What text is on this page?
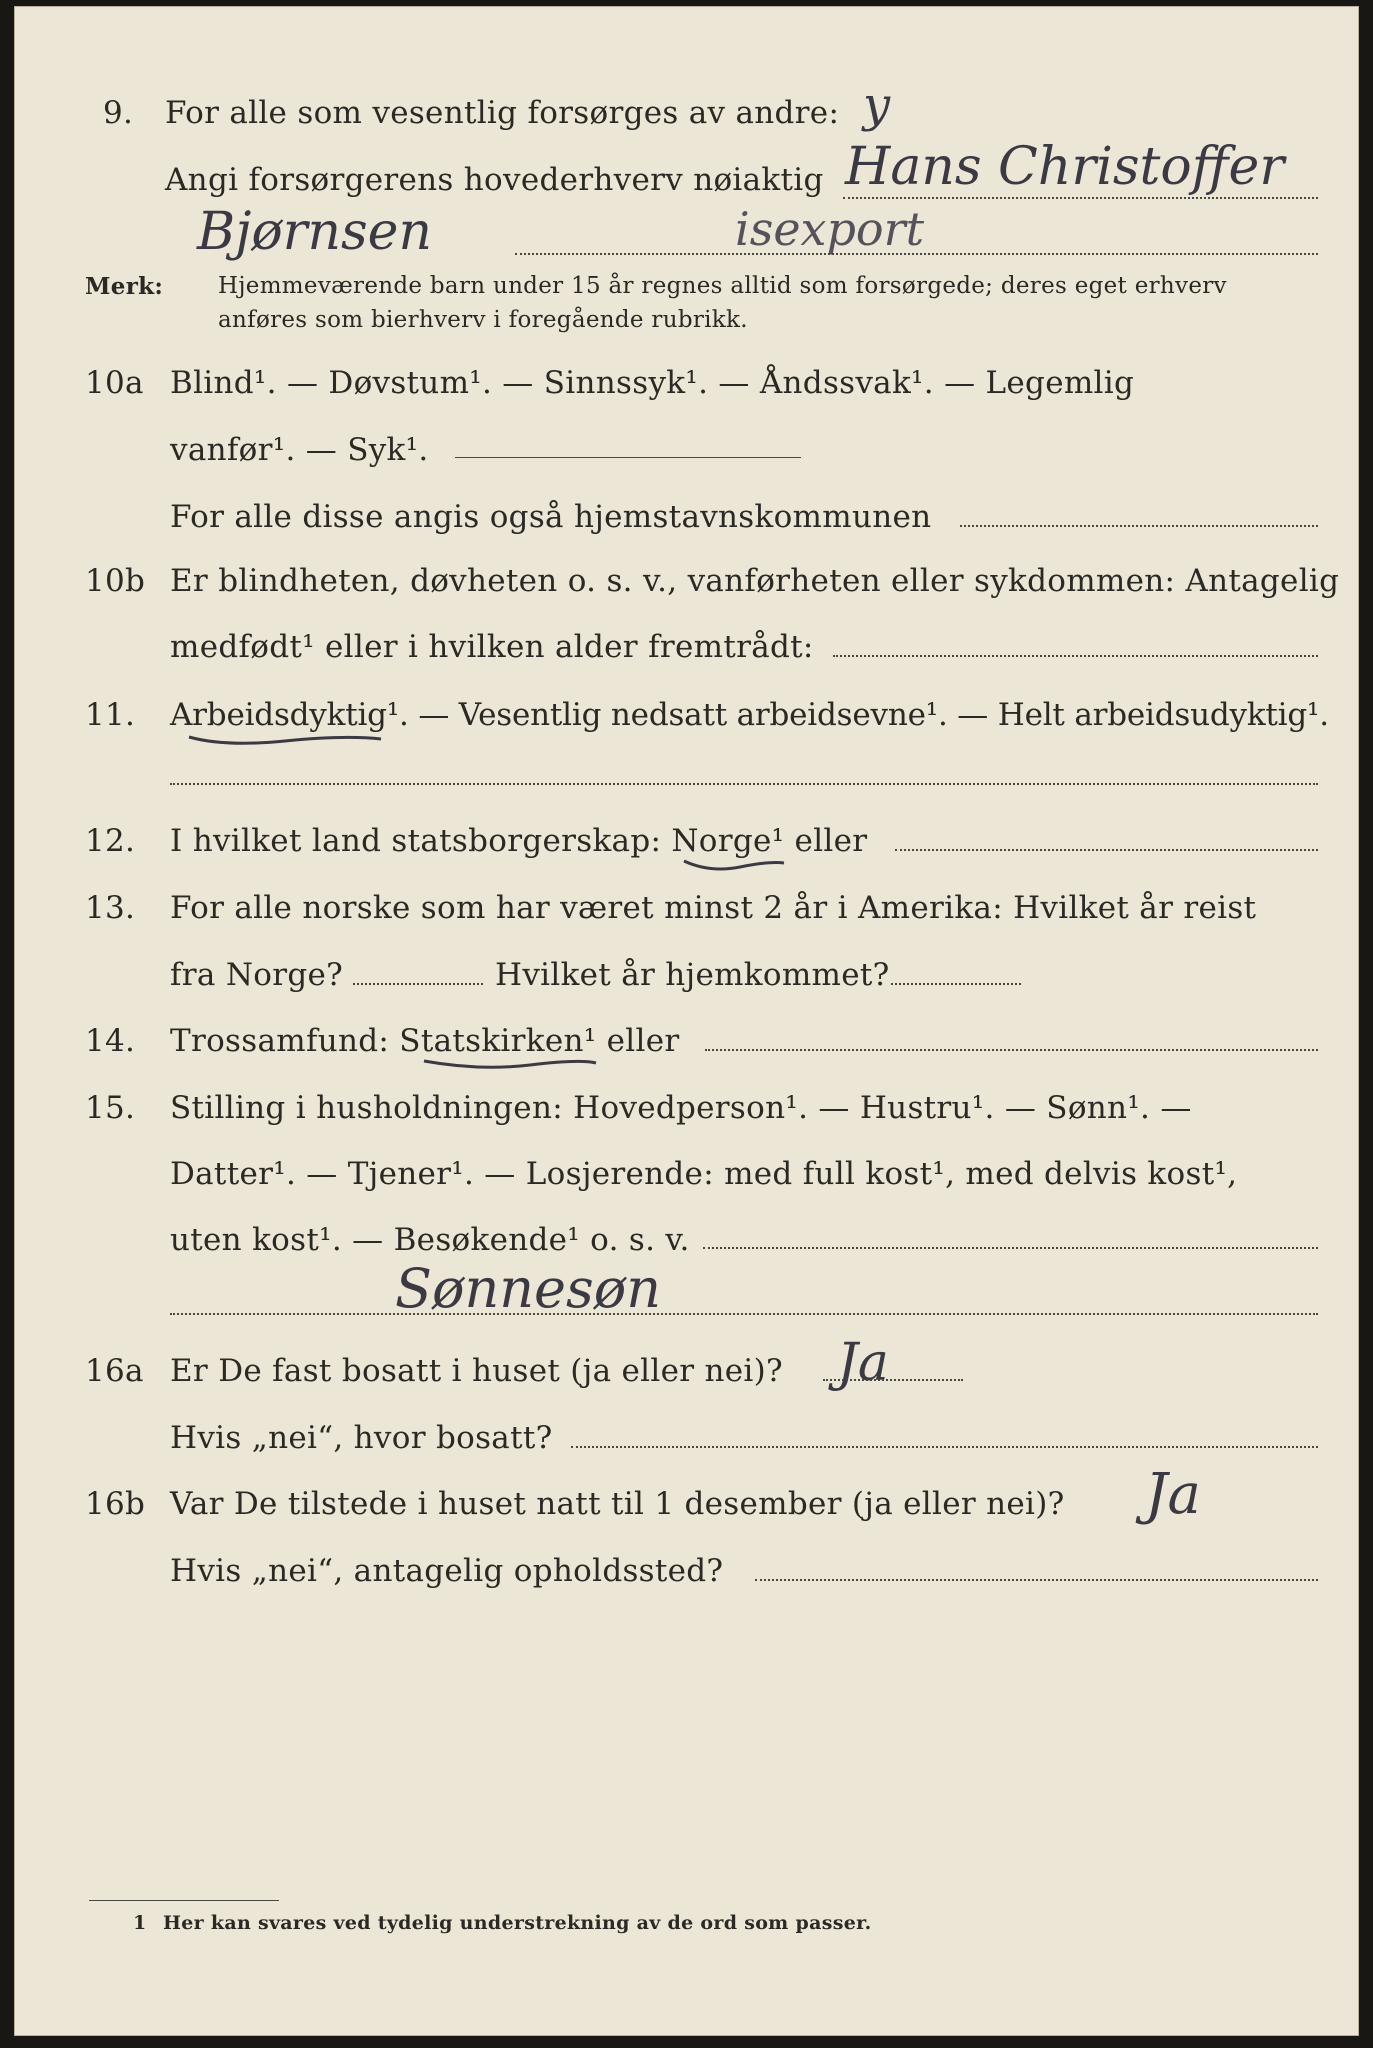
9. For alle som vesentlig forsørges av andre: y
Angi forsørgerens hovederhverv nøiaktig Hans Christoffer
Bjørnsen	isexport
Merk: Hjemmeværende barn under 15 år regnes alltid som forsørgede; deres eget erhverv
anføres som bierhverv i foregående rubrikk.
10a Blind¹. — Døvstum¹. — Sinnssyk¹. — Åndssvak¹. — Legemlig
vanfør¹. — Syk¹.
For alle disse angis også hjemstavnskommunen
10b Er blindheten, døvheten o. s. v., vanførheten eller sykdommen: Antagelig
medfødt¹ eller i hvilken alder fremtrådt:
11. Arbeidsdyktig¹. — Vesentlig nedsatt arbeidsevne¹. — Helt arbeidsudyktig¹.
12. I hvilket land statsborgerskap: Norge¹ eller
13. For alle norske som har været minst 2 år i Amerika: Hvilket år reist
fra Norge?	Hvilket år hjemkommet?
14. Trossamfund: Statskirken¹ eller
15. Stilling i husholdningen: Hovedperson¹. — Hustru¹. — Sønn¹. —
Datter¹. — Tjener¹. — Losjerende: med full kost¹, med delvis kost¹,
uten kost¹. — Besøkende¹ o. s. v.
Sønnesøn
16a Er De fast bosatt i huset (ja eller nei)? Ja
Hvis „nei“, hvor bosatt?
16b Var De tilstede i huset natt til 1 desember (ja eller nei)? Ja
Hvis „nei“, antagelig opholdssted?
1 Her kan svares ved tydelig understrekning av de ord som passer.
